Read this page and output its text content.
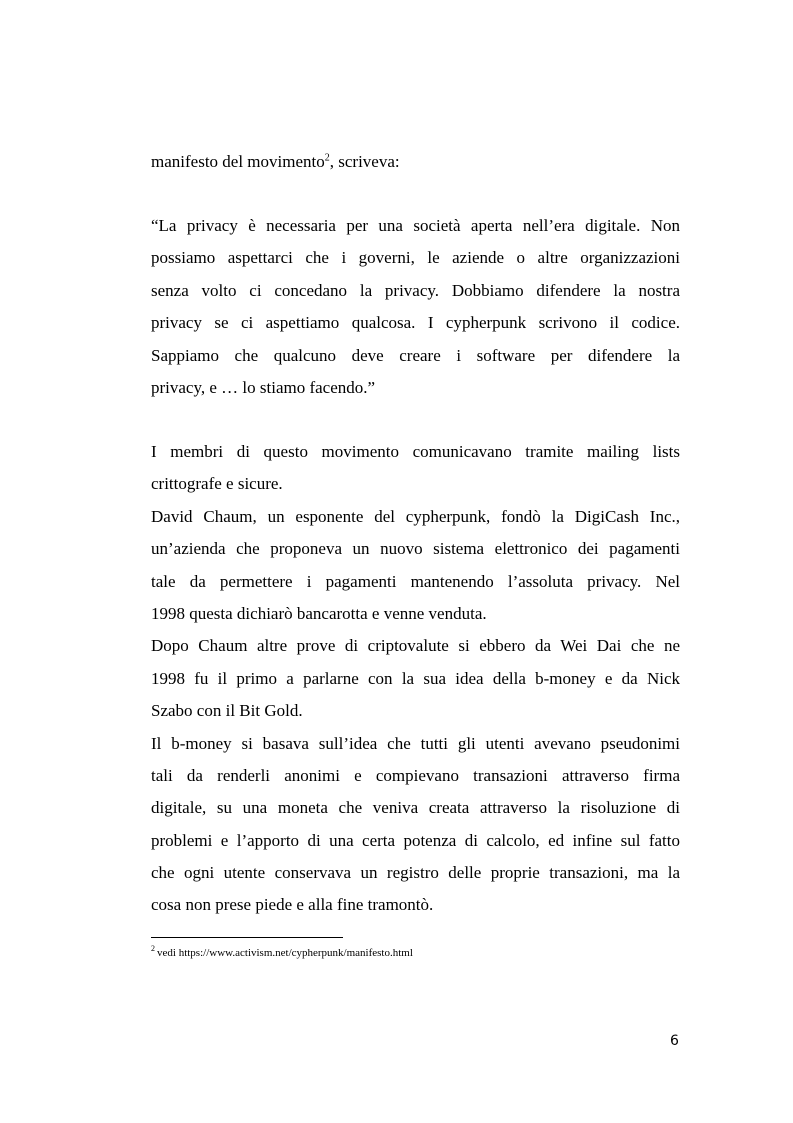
manifesto del movimento$^2$, scriveva:
“La privacy è necessaria per una società aperta nell’era digitale. Non
possiamo aspettarci che i governi, le aziende o altre organizzazioni
senza volto ci concedano la privacy. Dobbiamo difendere la nostra
privacy se ci aspettiamo qualcosa. I cypherpunk scrivono il codice.
Sappiamo che qualcuno deve creare i software per difendere la
privacy, e … lo stiamo facendo.”
I membri di questo movimento comunicavano tramite mailing lists
crittografe e sicure.
David Chaum, un esponente del cypherpunk, fondò la DigiCash Inc.,
un’azienda che proponeva un nuovo sistema elettronico dei pagamenti
tale da permettere i pagamenti mantenendo l’assoluta privacy. Nel
1998 questa dichiarò bancarotta e venne venduta.
Dopo Chaum altre prove di criptovalute si ebbero da Wei Dai che ne
1998 fu il primo a parlarne con la sua idea della b-money e da Nick
Szabo con il Bit Gold.
Il b-money si basava sull’idea che tutti gli utenti avevano pseudonimi
tali da renderli anonimi e compievano transazioni attraverso firma
digitale, su una moneta che veniva creata attraverso la risoluzione di
problemi e l’apporto di una certa potenza di calcolo, ed infine sul fatto
che ogni utente conservava un registro delle proprie transazioni, ma la
cosa non prese piede e alla fine tramontò.
$^2$ vedi https://www.activism.net/cypherpunk/manifesto.html
6
